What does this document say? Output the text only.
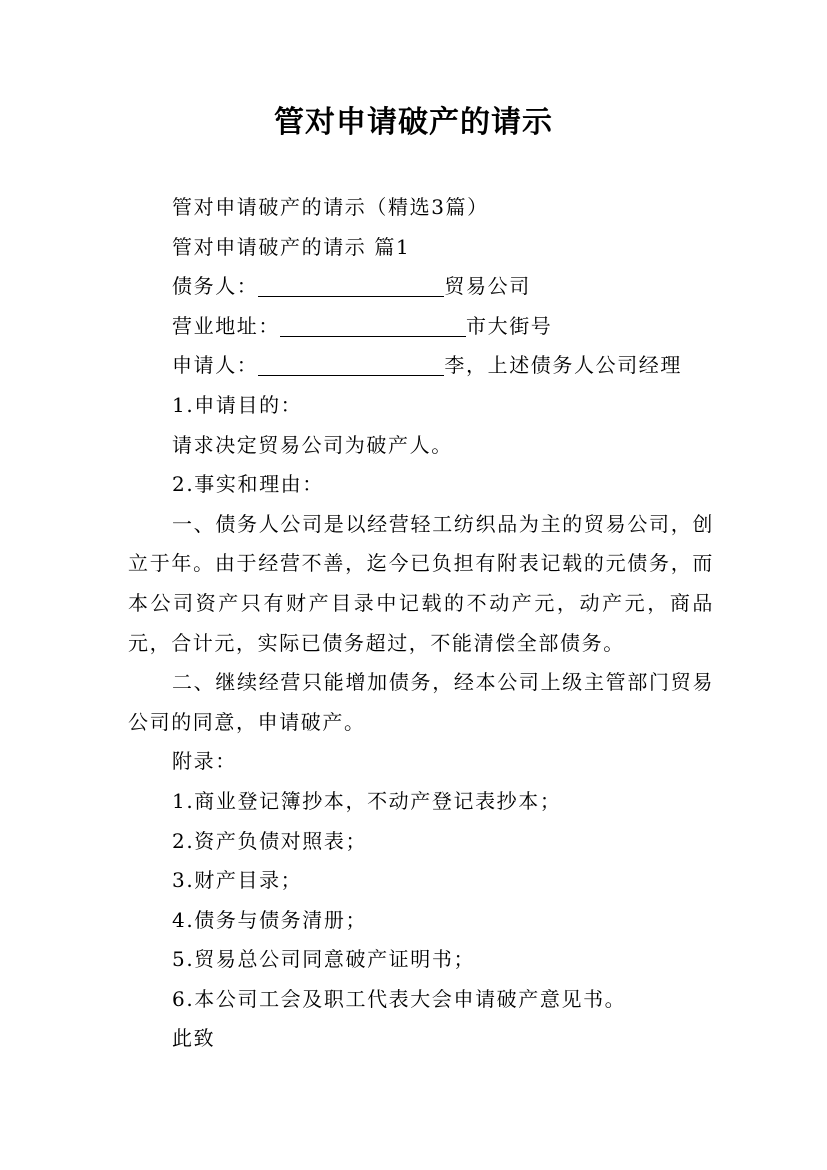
管对申请破产的请示

管对申请破产的请示（精选3篇）

管对申请破产的请示 篇1

债务人：	贸易公司

营业地址：	市大街号

申请人：	李，上述债务人公司经理

1.申请目的：

请求决定贸易公司为破产人。

2.事实和理由：

一、债务人公司是以经营轻工纺织品为主的贸易公司，创立于年。由于经营不善，迄今已负担有附表记载的元债务，而本公司资产只有财产目录中记载的不动产元，动产元，商品元，合计元，实际已债务超过，不能清偿全部债务。

二、继续经营只能增加债务，经本公司上级主管部门贸易公司的同意，申请破产。

附录：

1.商业登记簿抄本，不动产登记表抄本；

2.资产负债对照表；

3.财产目录；

4.债务与债务清册；

5.贸易总公司同意破产证明书；

6.本公司工会及职工代表大会申请破产意见书。

此致
